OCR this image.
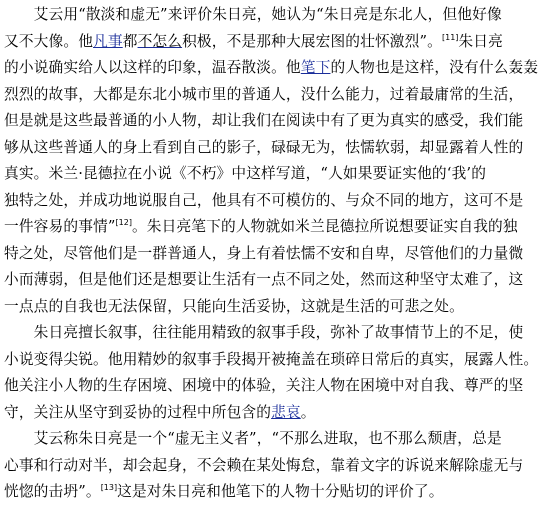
　　艾云用“散淡和虚无”来评价朱日亮，她认为“朱日亮是东北人，但他好像
又不大像。他凡事都不怎么积极，不是那种大展宏图的壮怀激烈”。[11]朱日亮
的小说确实给人以这样的印象，温吞散淡。他笔下的人物也是这样，没有什么轰轰
烈烈的故事，大都是东北小城市里的普通人，没什么能力，过着最庸常的生活，
但是就是这些最普通的小人物，却让我们在阅读中有了更为真实的感受，我们能
够从这些普通人的身上看到自己的影子，碌碌无为，怯懦软弱，却显露着人性的
真实。米兰·昆德拉在小说《不朽》中这样写道，“人如果要证实他的‘我’的
独特之处，并成功地说服自己，他具有不可模仿的、与众不同的地方，这可不是
一件容易的事情”[12]。朱日亮笔下的人物就如米兰昆德拉所说想要证实自我的独
特之处，尽管他们是一群普通人，身上有着怯懦不安和自卑，尽管他们的力量微
小而薄弱，但是他们还是想要让生活有一点不同之处，然而这种坚守太难了，这
一点点的自我也无法保留，只能向生活妥协，这就是生活的可悲之处。
　　朱日亮擅长叙事，往往能用精致的叙事手段，弥补了故事情节上的不足，使
小说变得尖锐。他用精妙的叙事手段揭开被掩盖在琐碎日常后的真实，展露人性。
他关注小人物的生存困境、困境中的体验，关注人物在困境中对自我、尊严的坚
守，关注从坚守到妥协的过程中所包含的悲哀。
　　艾云称朱日亮是一个“虚无主义者”，“不那么进取，也不那么颓唐，总是
心事和行动对半，却会起身，不会赖在某处悔怠，靠着文字的诉说来解除虚无与
恍惚的击坍”。[13]这是对朱日亮和他笔下的人物十分贴切的评价了。
